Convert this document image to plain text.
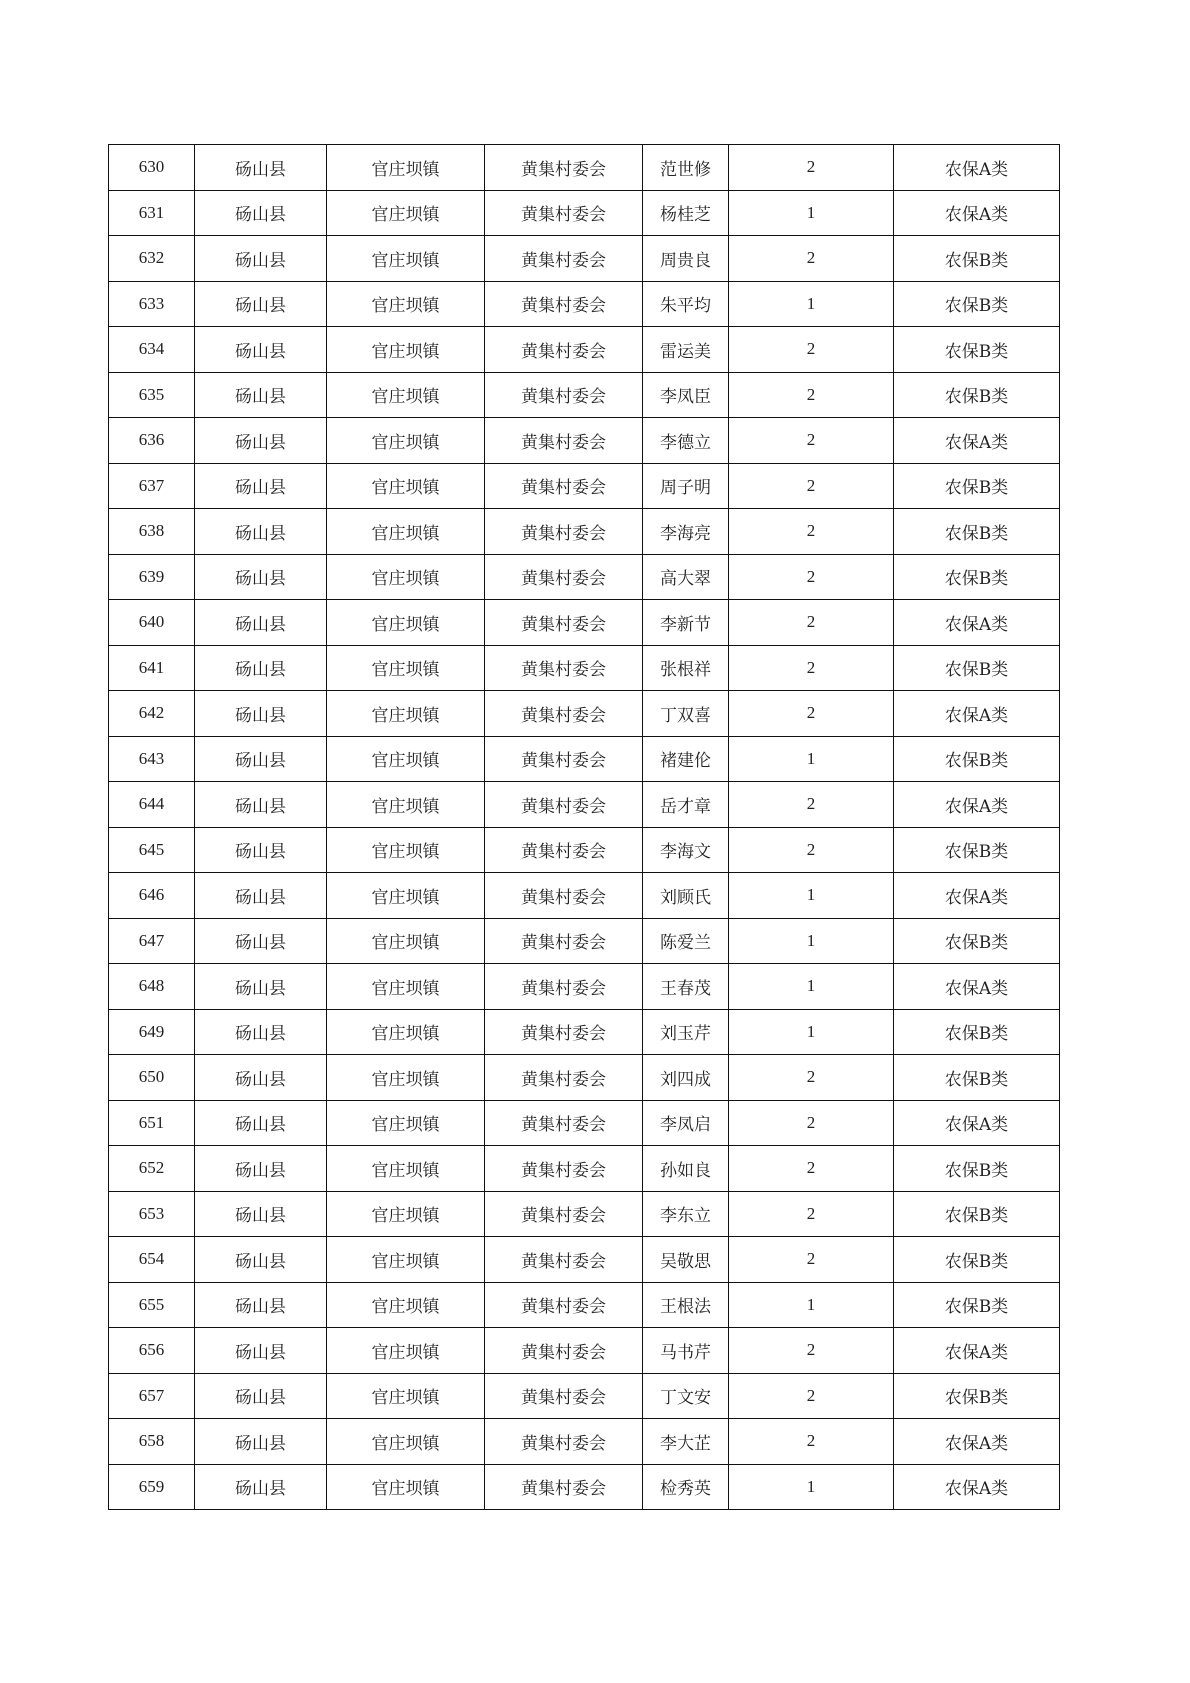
630	砀山县	官庄坝镇	黄集村委会	范世修	2	农保A类
631	砀山县	官庄坝镇	黄集村委会	杨桂芝	1	农保A类
632	砀山县	官庄坝镇	黄集村委会	周贵良	2	农保B类
633	砀山县	官庄坝镇	黄集村委会	朱平均	1	农保B类
634	砀山县	官庄坝镇	黄集村委会	雷运美	2	农保B类
635	砀山县	官庄坝镇	黄集村委会	李凤臣	2	农保B类
636	砀山县	官庄坝镇	黄集村委会	李德立	2	农保A类
637	砀山县	官庄坝镇	黄集村委会	周子明	2	农保B类
638	砀山县	官庄坝镇	黄集村委会	李海亮	2	农保B类
639	砀山县	官庄坝镇	黄集村委会	高大翠	2	农保B类
640	砀山县	官庄坝镇	黄集村委会	李新节	2	农保A类
641	砀山县	官庄坝镇	黄集村委会	张根祥	2	农保B类
642	砀山县	官庄坝镇	黄集村委会	丁双喜	2	农保A类
643	砀山县	官庄坝镇	黄集村委会	褚建伦	1	农保B类
644	砀山县	官庄坝镇	黄集村委会	岳才章	2	农保A类
645	砀山县	官庄坝镇	黄集村委会	李海文	2	农保B类
646	砀山县	官庄坝镇	黄集村委会	刘顾氏	1	农保A类
647	砀山县	官庄坝镇	黄集村委会	陈爱兰	1	农保B类
648	砀山县	官庄坝镇	黄集村委会	王春茂	1	农保A类
649	砀山县	官庄坝镇	黄集村委会	刘玉芹	1	农保B类
650	砀山县	官庄坝镇	黄集村委会	刘四成	2	农保B类
651	砀山县	官庄坝镇	黄集村委会	李凤启	2	农保A类
652	砀山县	官庄坝镇	黄集村委会	孙如良	2	农保B类
653	砀山县	官庄坝镇	黄集村委会	李东立	2	农保B类
654	砀山县	官庄坝镇	黄集村委会	吴敬思	2	农保B类
655	砀山县	官庄坝镇	黄集村委会	王根法	1	农保B类
656	砀山县	官庄坝镇	黄集村委会	马书芹	2	农保A类
657	砀山县	官庄坝镇	黄集村委会	丁文安	2	农保B类
658	砀山县	官庄坝镇	黄集村委会	李大芷	2	农保A类
659	砀山县	官庄坝镇	黄集村委会	检秀英	1	农保A类
